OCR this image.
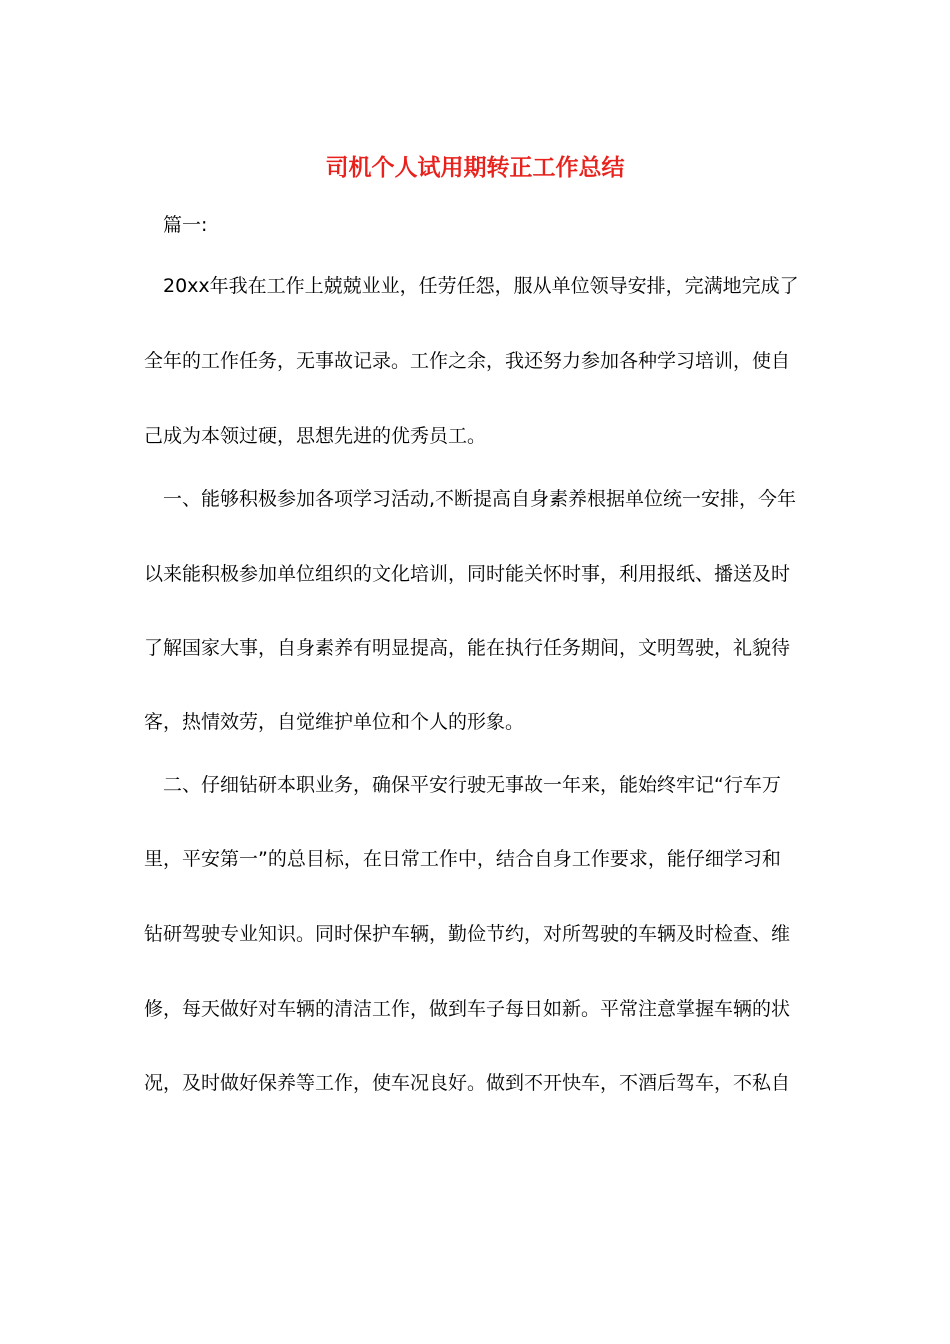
司机个人试用期转正工作总结

篇一:

20xx年我在工作上兢兢业业，任劳任怨，服从单位领导安排，完满地完成了

全年的工作任务，无事故记录。工作之余，我还努力参加各种学习培训，使自

己成为本领过硬，思想先进的优秀员工。

一、能够积极参加各项学习活动,不断提高自身素养根据单位统一安排，今年

以来能积极参加单位组织的文化培训，同时能关怀时事，利用报纸、播送及时

了解国家大事，自身素养有明显提高，能在执行任务期间，文明驾驶，礼貌待

客，热情效劳，自觉维护单位和个人的形象。

二、仔细钻研本职业务，确保平安行驶无事故一年来，能始终牢记“行车万

里，平安第一”的总目标，在日常工作中，结合自身工作要求，能仔细学习和

钻研驾驶专业知识。同时保护车辆，勤俭节约，对所驾驶的车辆及时检查、维

修，每天做好对车辆的清洁工作，做到车子每日如新。平常注意掌握车辆的状

况，及时做好保养等工作，使车况良好。做到不开快车，不酒后驾车，不私自
